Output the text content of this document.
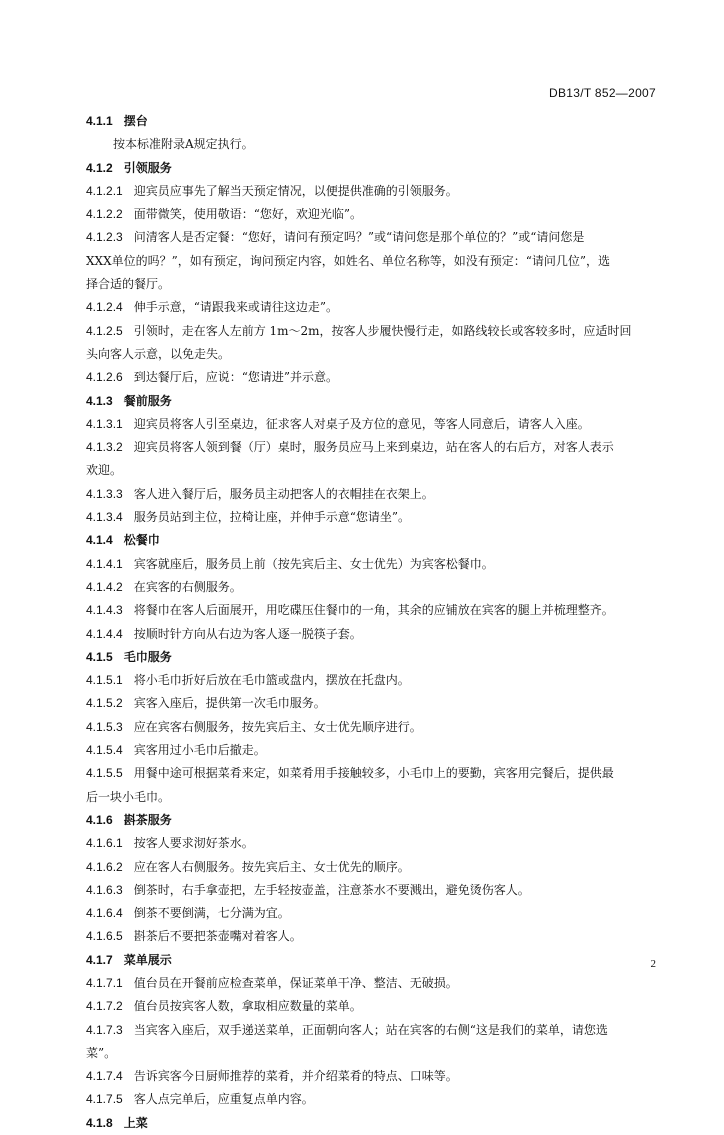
DB13/T 852—2007
4.1.1 摆台
按本标准附录A规定执行。
4.1.2 引领服务
4.1.2.1 迎宾员应事先了解当天预定情况，以便提供准确的引领服务。
4.1.2.2 面带微笑，使用敬语：“您好，欢迎光临”。
4.1.2.3 问清客人是否定餐：“您好，请问有预定吗？”或“请问您是那个单位的？”或“请问您是
XXX单位的吗？”，如有预定，询问预定内容，如姓名、单位名称等，如没有预定：“请问几位”，选
择合适的餐厅。
4.1.2.4 伸手示意，“请跟我来或请往这边走”。
4.1.2.5 引领时，走在客人左前方 1m～2m，按客人步履快慢行走，如路线较长或客较多时，应适时回
头向客人示意，以免走失。
4.1.2.6 到达餐厅后，应说：“您请进”并示意。
4.1.3 餐前服务
4.1.3.1 迎宾员将客人引至桌边，征求客人对桌子及方位的意见，等客人同意后，请客人入座。
4.1.3.2 迎宾员将客人领到餐（厅）桌时，服务员应马上来到桌边，站在客人的右后方，对客人表示
欢迎。
4.1.3.3 客人进入餐厅后，服务员主动把客人的衣帽挂在衣架上。
4.1.3.4 服务员站到主位，拉椅让座，并伸手示意“您请坐”。
4.1.4 松餐巾
4.1.4.1 宾客就座后，服务员上前（按先宾后主、女士优先）为宾客松餐巾。
4.1.4.2 在宾客的右侧服务。
4.1.4.3 将餐巾在客人后面展开，用吃碟压住餐巾的一角，其余的应铺放在宾客的腿上并梳理整齐。
4.1.4.4 按顺时针方向从右边为客人逐一脱筷子套。
4.1.5 毛巾服务
4.1.5.1 将小毛巾折好后放在毛巾篮或盘内，摆放在托盘内。
4.1.5.2 宾客入座后，提供第一次毛巾服务。
4.1.5.3 应在宾客右侧服务，按先宾后主、女士优先顺序进行。
4.1.5.4 宾客用过小毛巾后撤走。
4.1.5.5 用餐中途可根据菜肴来定，如菜肴用手接触较多，小毛巾上的要勤，宾客用完餐后，提供最
后一块小毛巾。
4.1.6 斟茶服务
4.1.6.1 按客人要求沏好茶水。
4.1.6.2 应在客人右侧服务。按先宾后主、女士优先的顺序。
4.1.6.3 倒茶时，右手拿壶把，左手轻按壶盖，注意茶水不要溅出，避免烫伤客人。
4.1.6.4 倒茶不要倒满，七分满为宜。
4.1.6.5 斟茶后不要把茶壶嘴对着客人。
4.1.7 菜单展示
4.1.7.1 值台员在开餐前应检查菜单，保证菜单干净、整洁、无破损。
4.1.7.2 值台员按宾客人数，拿取相应数量的菜单。
4.1.7.3 当宾客入座后，双手递送菜单，正面朝向客人；站在宾客的右侧“这是我们的菜单，请您选
菜”。
4.1.7.4 告诉宾客今日厨师推荐的菜肴，并介绍菜肴的特点、口味等。
4.1.7.5 客人点完单后，应重复点单内容。
4.1.8 上菜
2
